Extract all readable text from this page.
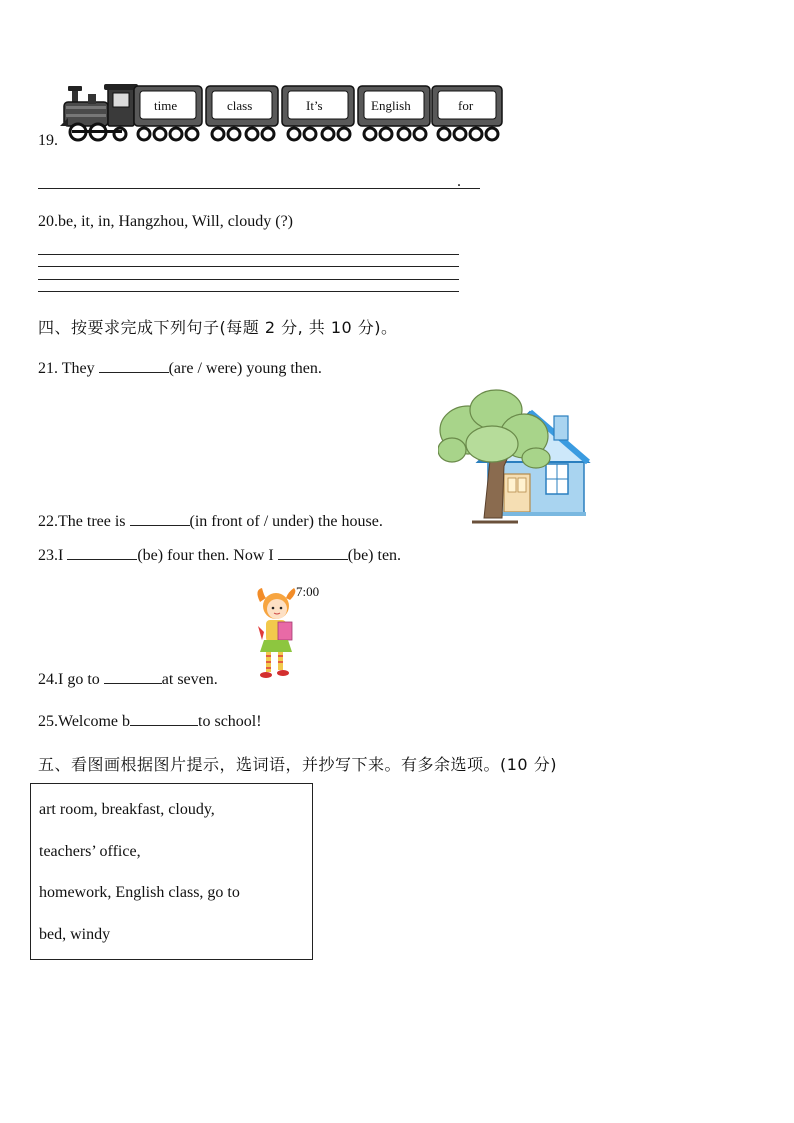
time	class	It’s	English	for
19.
.
20.be, it, in, Hangzhou, Will, cloudy (?)
四、按要求完成下列句子(每题 2 分, 共 10 分)。
21. They	(are / were) young then.
22.The tree is	(in front of / under) the house.
23.I	(be) four then. Now I	(be) ten.
7:00
24.I go to	at seven.
25.Welcome b	to school!
五、看图画根据图片提示，选词语，并抄写下来。有多余选项。(10 分)
art room, breakfast, cloudy,
teachers’ office,
homework, English class, go to
bed, windy
